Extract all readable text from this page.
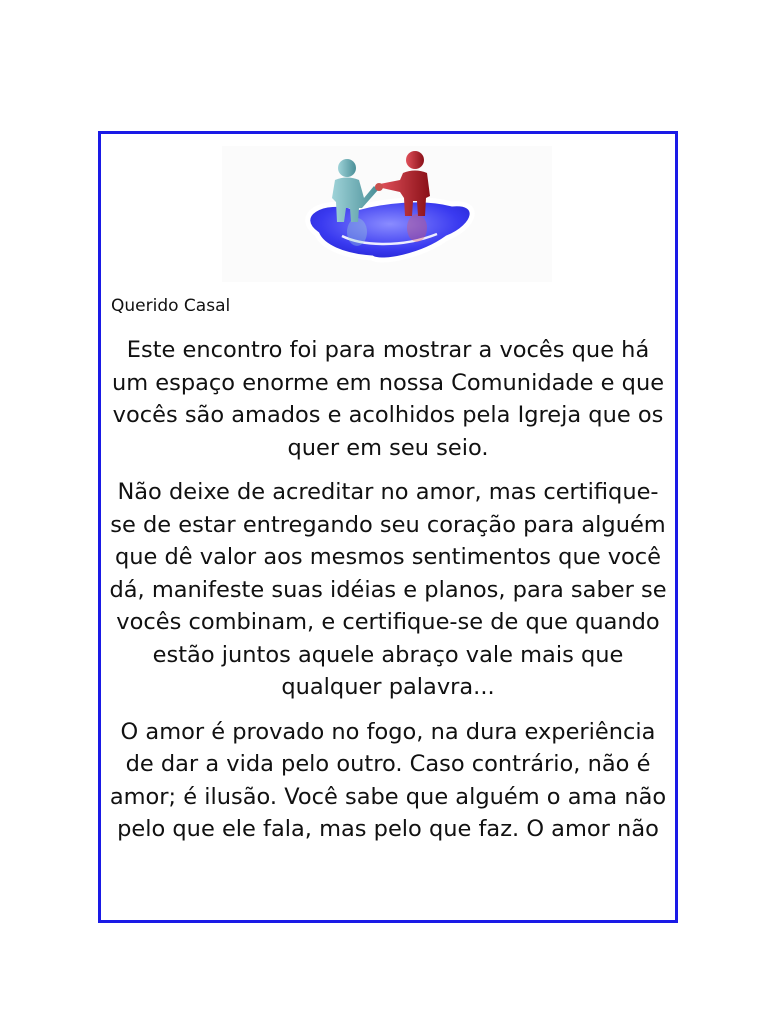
Querido Casal

Este encontro foi para mostrar a vocês que há um espaço enorme em nossa Comunidade e que vocês são amados e acolhidos pela Igreja que os quer em seu seio.

Não deixe de acreditar no amor, mas certifique-se de estar entregando seu coração para alguém que dê valor aos mesmos sentimentos que você dá, manifeste suas idéias e planos, para saber se vocês combinam, e certifique-se de que quando estão juntos aquele abraço vale mais que qualquer palavra...

O amor é provado no fogo, na dura experiência de dar a vida pelo outro. Caso contrário, não é amor; é ilusão. Você sabe que alguém o ama não pelo que ele fala, mas pelo que faz. O amor não
